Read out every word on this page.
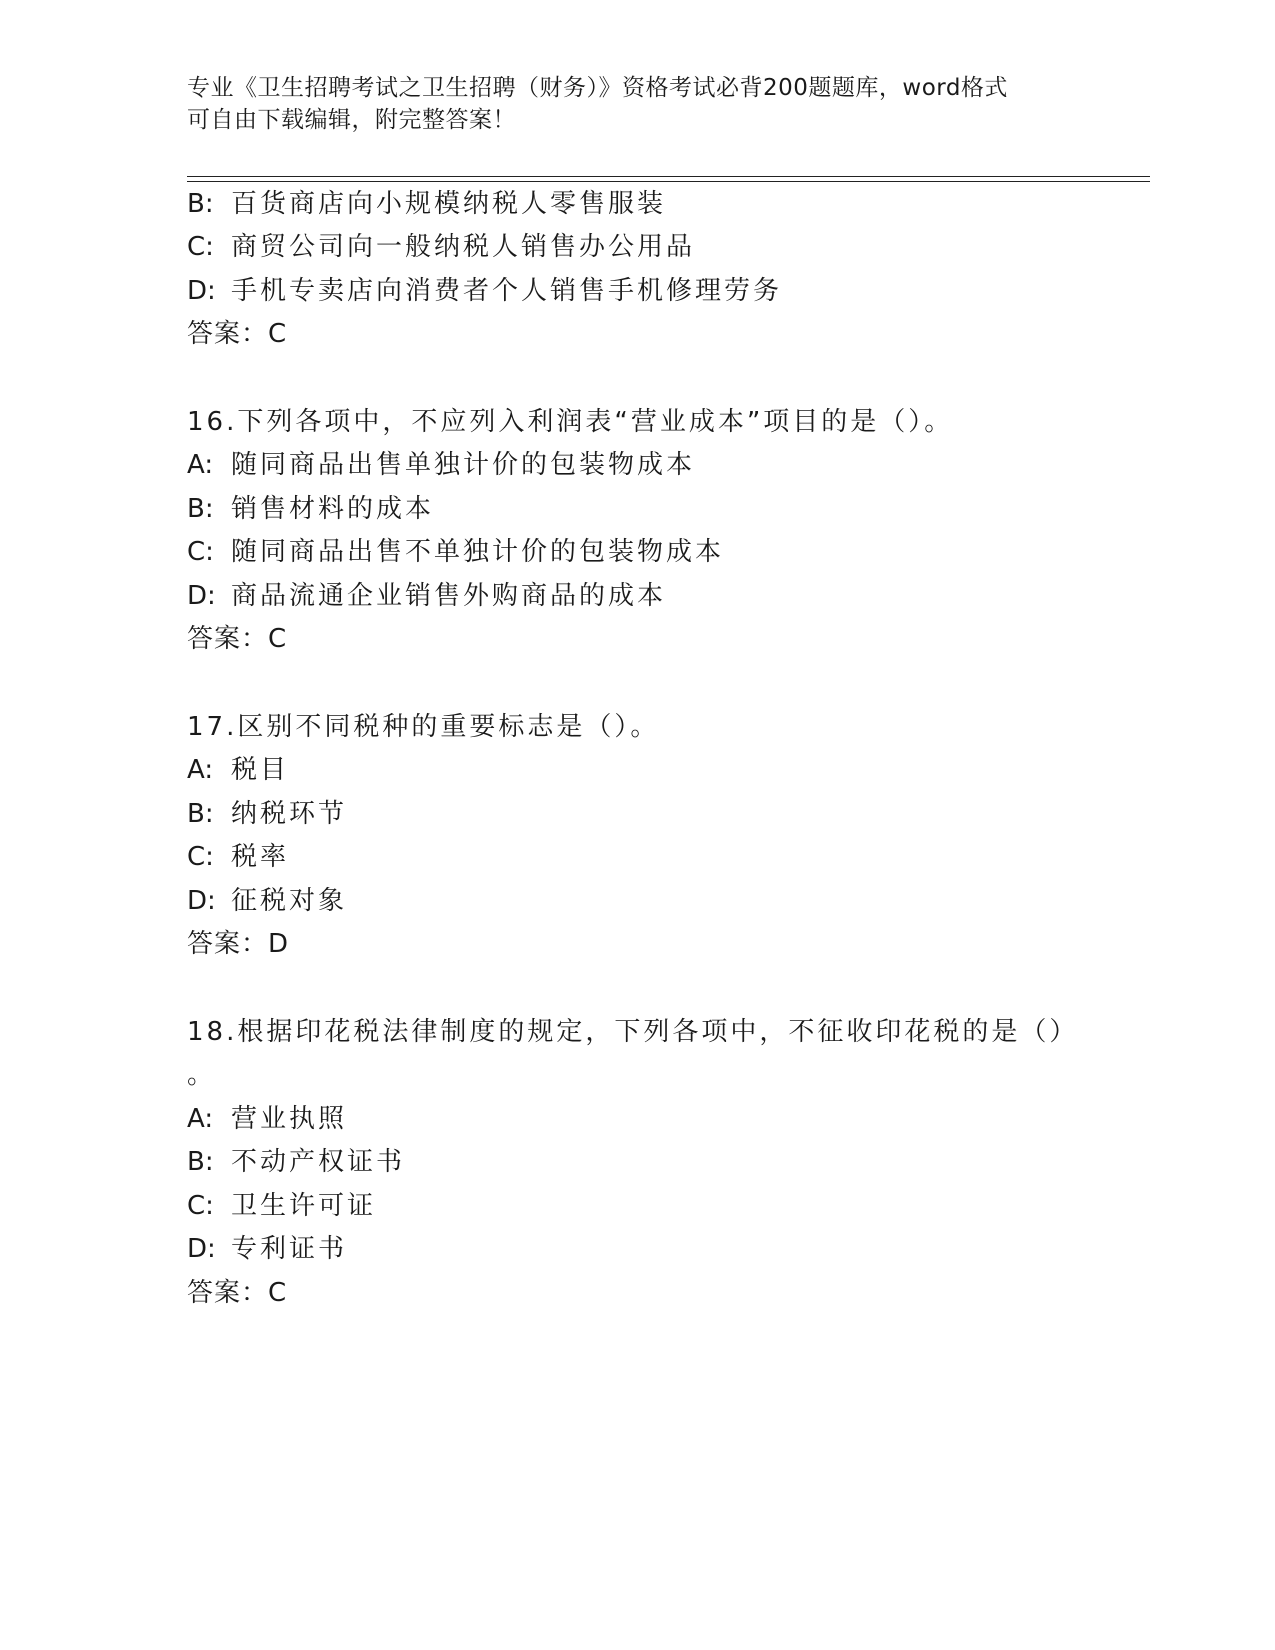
专业《卫生招聘考试之卫生招聘（财务）》资格考试必背200题题库，word格式
可自由下载编辑，附完整答案！
B: 百货商店向小规模纳税人零售服装
C: 商贸公司向一般纳税人销售办公用品
D: 手机专卖店向消费者个人销售手机修理劳务
答案：C
16.下列各项中，不应列入利润表“营业成本”项目的是（）。
A: 随同商品出售单独计价的包装物成本
B: 销售材料的成本
C: 随同商品出售不单独计价的包装物成本
D: 商品流通企业销售外购商品的成本
答案：C
17.区别不同税种的重要标志是（）。
A: 税目
B: 纳税环节
C: 税率
D: 征税对象
答案：D
18.根据印花税法律制度的规定，下列各项中，不征收印花税的是（）
。
A: 营业执照
B: 不动产权证书
C: 卫生许可证
D: 专利证书
答案：C
